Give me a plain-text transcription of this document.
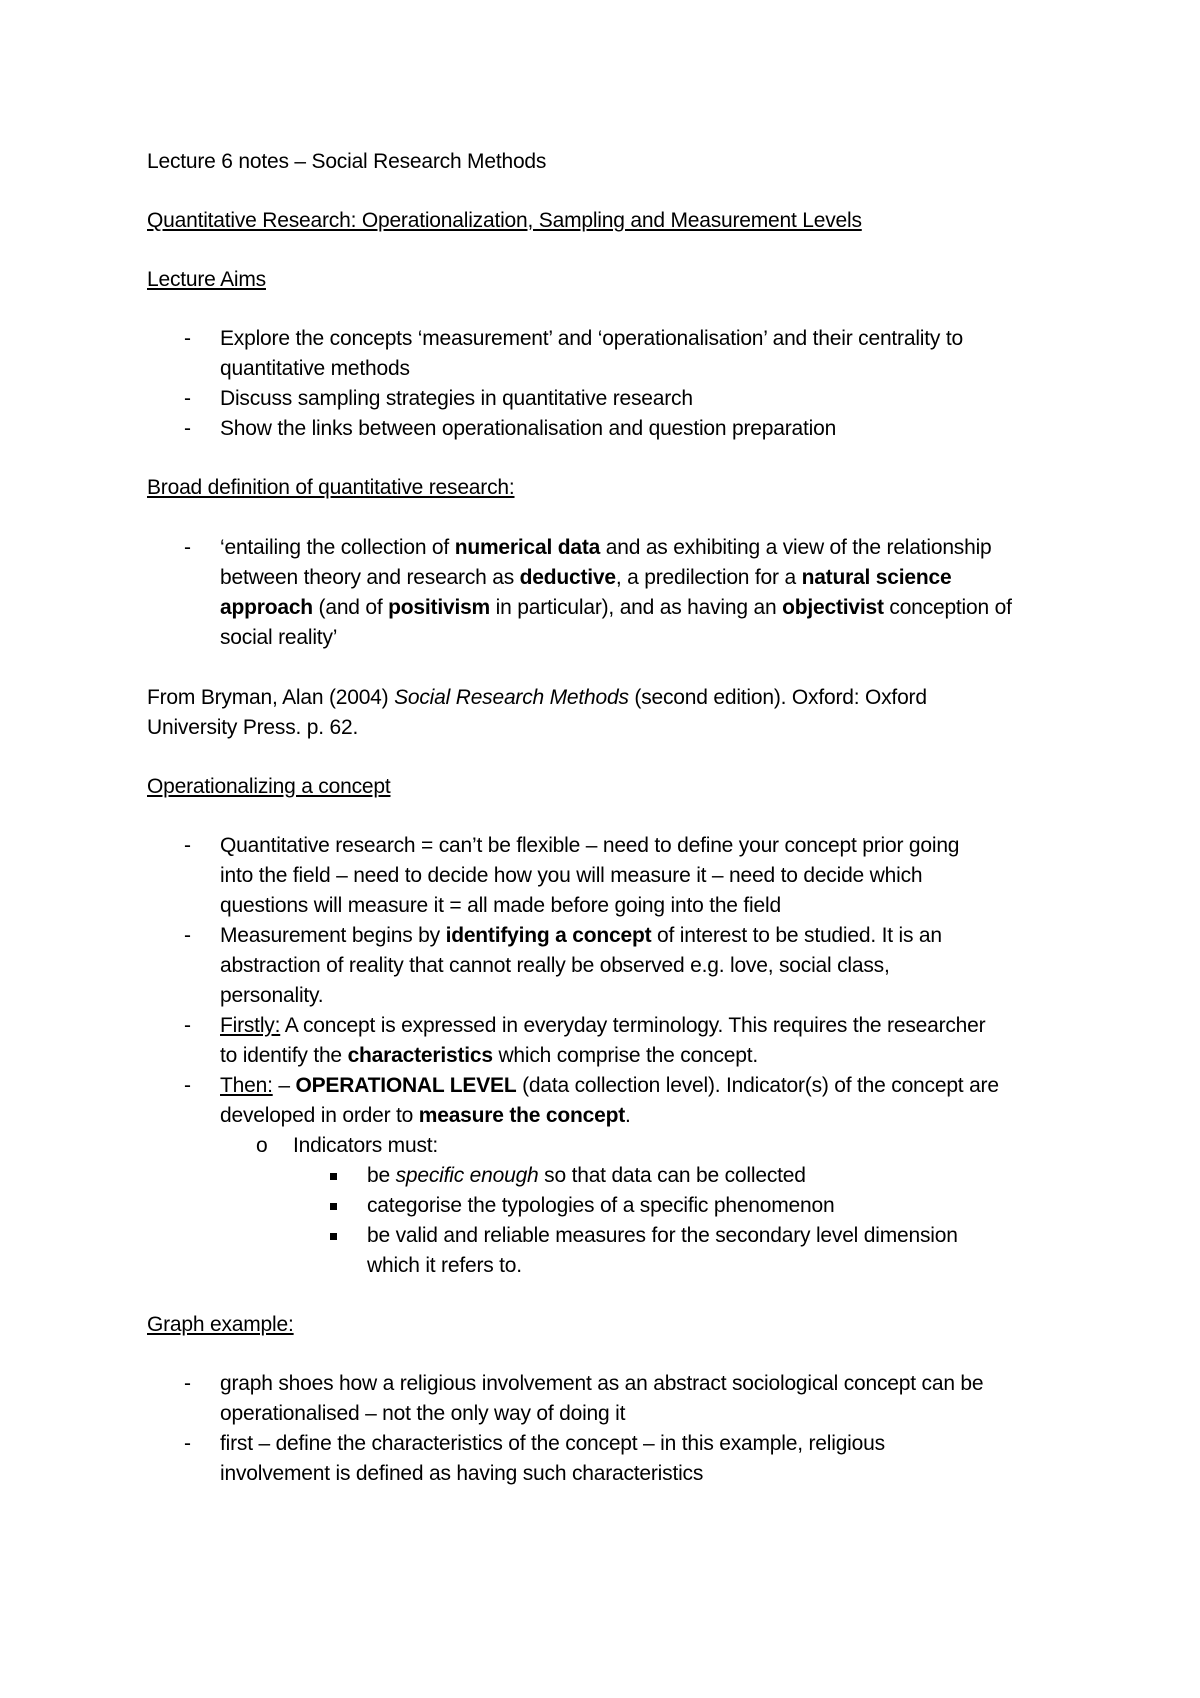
Lecture 6 notes – Social Research Methods
Quantitative Research: Operationalization, Sampling and Measurement Levels
Lecture Aims
- Explore the concepts ‘measurement’ and ‘operationalisation’ and their centrality to
quantitative methods
- Discuss sampling strategies in quantitative research
- Show the links between operationalisation and question preparation
Broad definition of quantitative research:
- ‘entailing the collection of numerical data and as exhibiting a view of the relationship
between theory and research as deductive, a predilection for a natural science
approach (and of positivism in particular), and as having an objectivist conception of
social reality’
From Bryman, Alan (2004) Social Research Methods (second edition). Oxford: Oxford
University Press. p. 62.
Operationalizing a concept
- Quantitative research = can’t be flexible – need to define your concept prior going
into the field – need to decide how you will measure it – need to decide which
questions will measure it = all made before going into the field
- Measurement begins by identifying a concept of interest to be studied. It is an
abstraction of reality that cannot really be observed e.g. love, social class,
personality.
- Firstly: A concept is expressed in everyday terminology. This requires the researcher
to identify the characteristics which comprise the concept.
- Then: – OPERATIONAL LEVEL (data collection level). Indicator(s) of the concept are
developed in order to measure the concept.
o Indicators must:
be specific enough so that data can be collected
categorise the typologies of a specific phenomenon
be valid and reliable measures for the secondary level dimension
which it refers to.
Graph example:
- graph shoes how a religious involvement as an abstract sociological concept can be
operationalised – not the only way of doing it
- first – define the characteristics of the concept – in this example, religious
involvement is defined as having such characteristics
